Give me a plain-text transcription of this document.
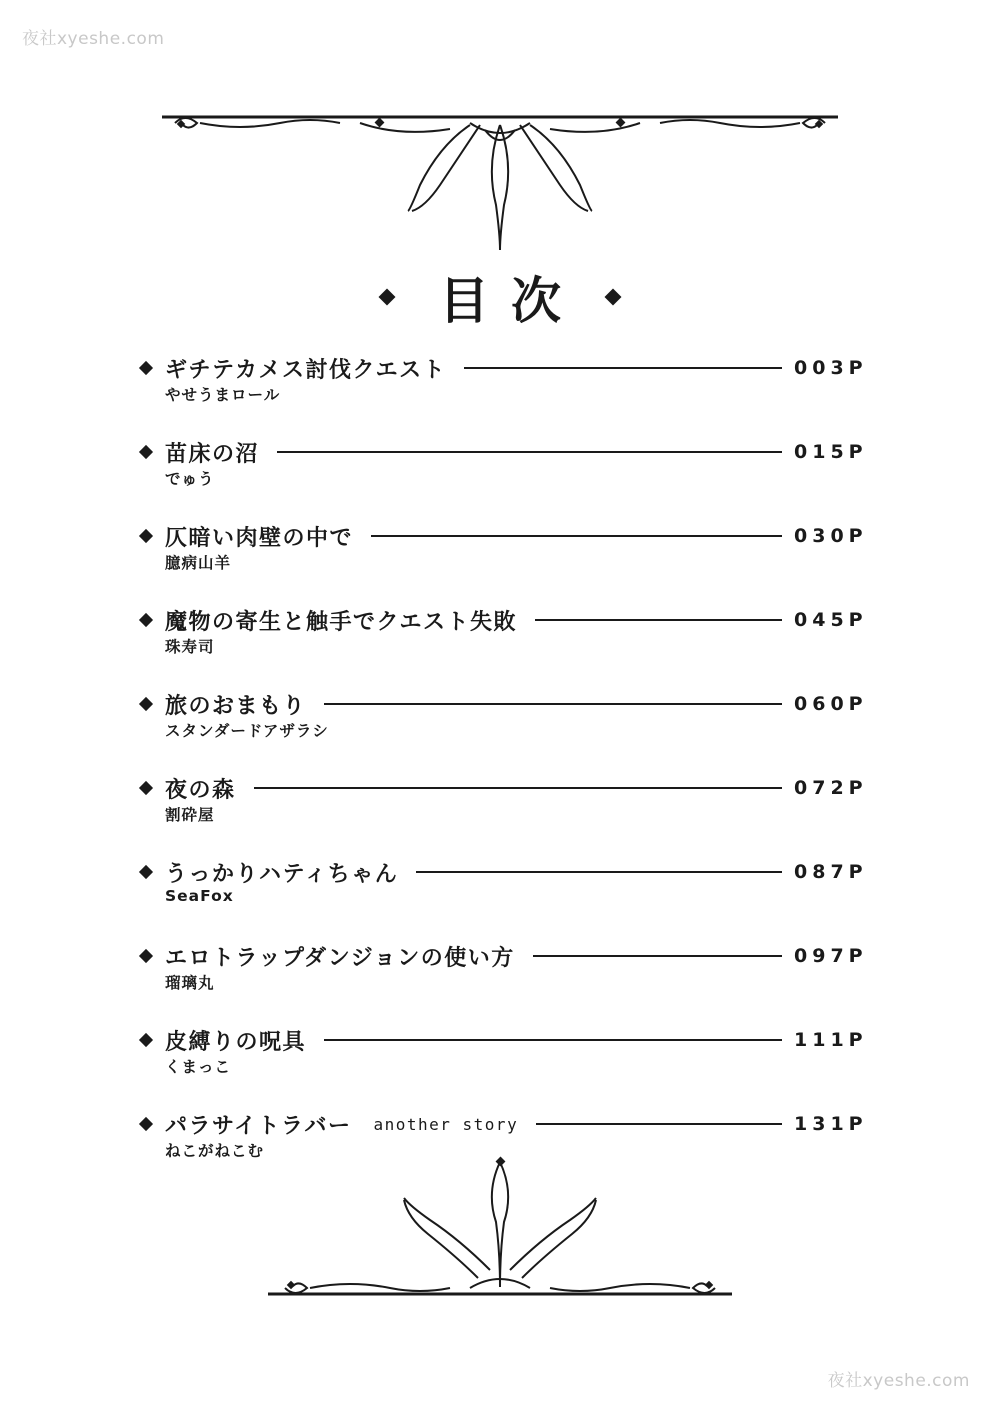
夜社xyeshe.com
目次
ギチテカメス討伐クエスト	003P
やせうまロール
苗床の沼	015P
でゅう
仄暗い肉壁の中で	030P
臆病山羊
魔物の寄生と触手でクエスト失敗	045P
珠寿司
旅のおまもり	060P
スタンダードアザラシ
夜の森	072P
割砕屋
うっかりハティちゃん	087P
SeaFox
エロトラップダンジョンの使い方	097P
瑠璃丸
皮縛りの呪具	111P
くまっこ
パラサイトラバー another story	131P
ねこがねこむ
夜社xyeshe.com
